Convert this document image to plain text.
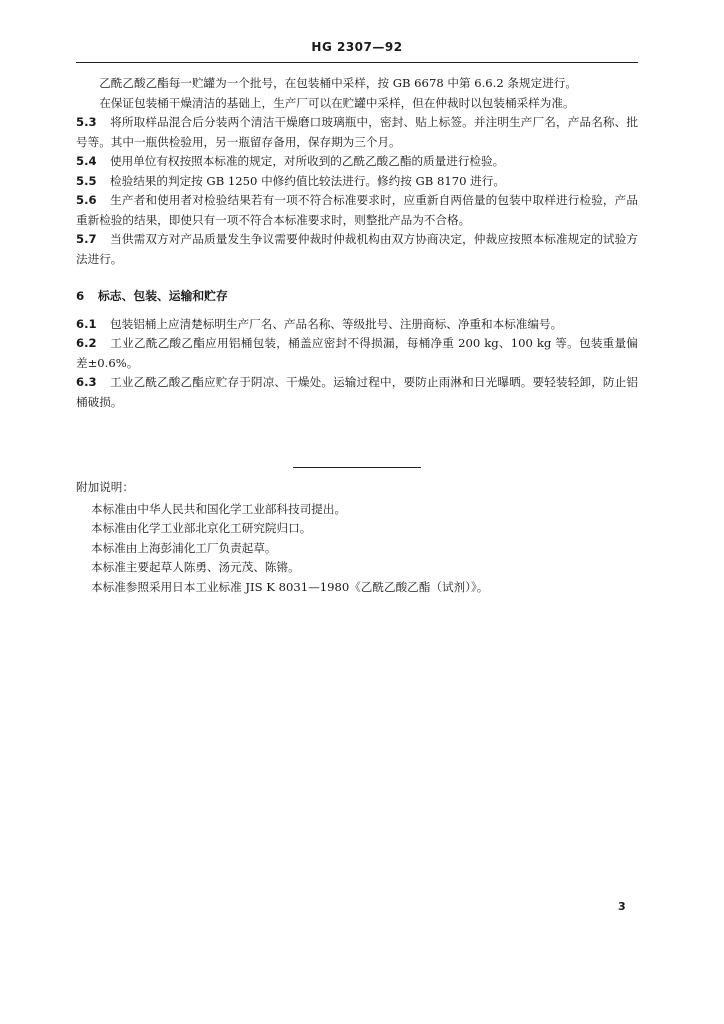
HG 2307—92

乙酰乙酸乙酯每一贮罐为一个批号，在包装桶中采样，按 GB 6678 中第 6.6.2 条规定进行。

在保证包装桶干燥清洁的基础上，生产厂可以在贮罐中采样，但在仲裁时以包装桶采样为准。

5.3 将所取样品混合后分装两个清洁干燥磨口玻璃瓶中，密封、贴上标签。并注明生产厂名，产品名称、批号等。其中一瓶供检验用，另一瓶留存备用，保存期为三个月。

5.4 使用单位有权按照本标准的规定，对所收到的乙酰乙酸乙酯的质量进行检验。

5.5 检验结果的判定按 GB 1250 中修约值比较法进行。修约按 GB 8170 进行。

5.6 生产者和使用者对检验结果若有一项不符合标准要求时，应重新自两倍量的包装中取样进行检验，产品重新检验的结果，即使只有一项不符合本标准要求时，则整批产品为不合格。

5.7 当供需双方对产品质量发生争议需要仲裁时仲裁机构由双方协商决定，仲裁应按照本标准规定的试验方法进行。

6 标志、包装、运输和贮存

6.1 包装铝桶上应清楚标明生产厂名、产品名称、等级批号、注册商标、净重和本标准编号。

6.2 工业乙酰乙酸乙酯应用铝桶包装，桶盖应密封不得损漏，每桶净重 200 kg、100 kg 等。包装重量偏差±0.6%。

6.3 工业乙酰乙酸乙酯应贮存于阴凉、干燥处。运输过程中，要防止雨淋和日光曝晒。要轻装轻卸，防止铝桶破损。

附加说明：

本标准由中华人民共和国化学工业部科技司提出。

本标准由化学工业部北京化工研究院归口。

本标准由上海彭浦化工厂负责起草。

本标准主要起草人陈勇、汤元茂、陈锵。

本标准参照采用日本工业标准 JIS K 8031—1980《乙酰乙酸乙酯（试剂）》。

3
